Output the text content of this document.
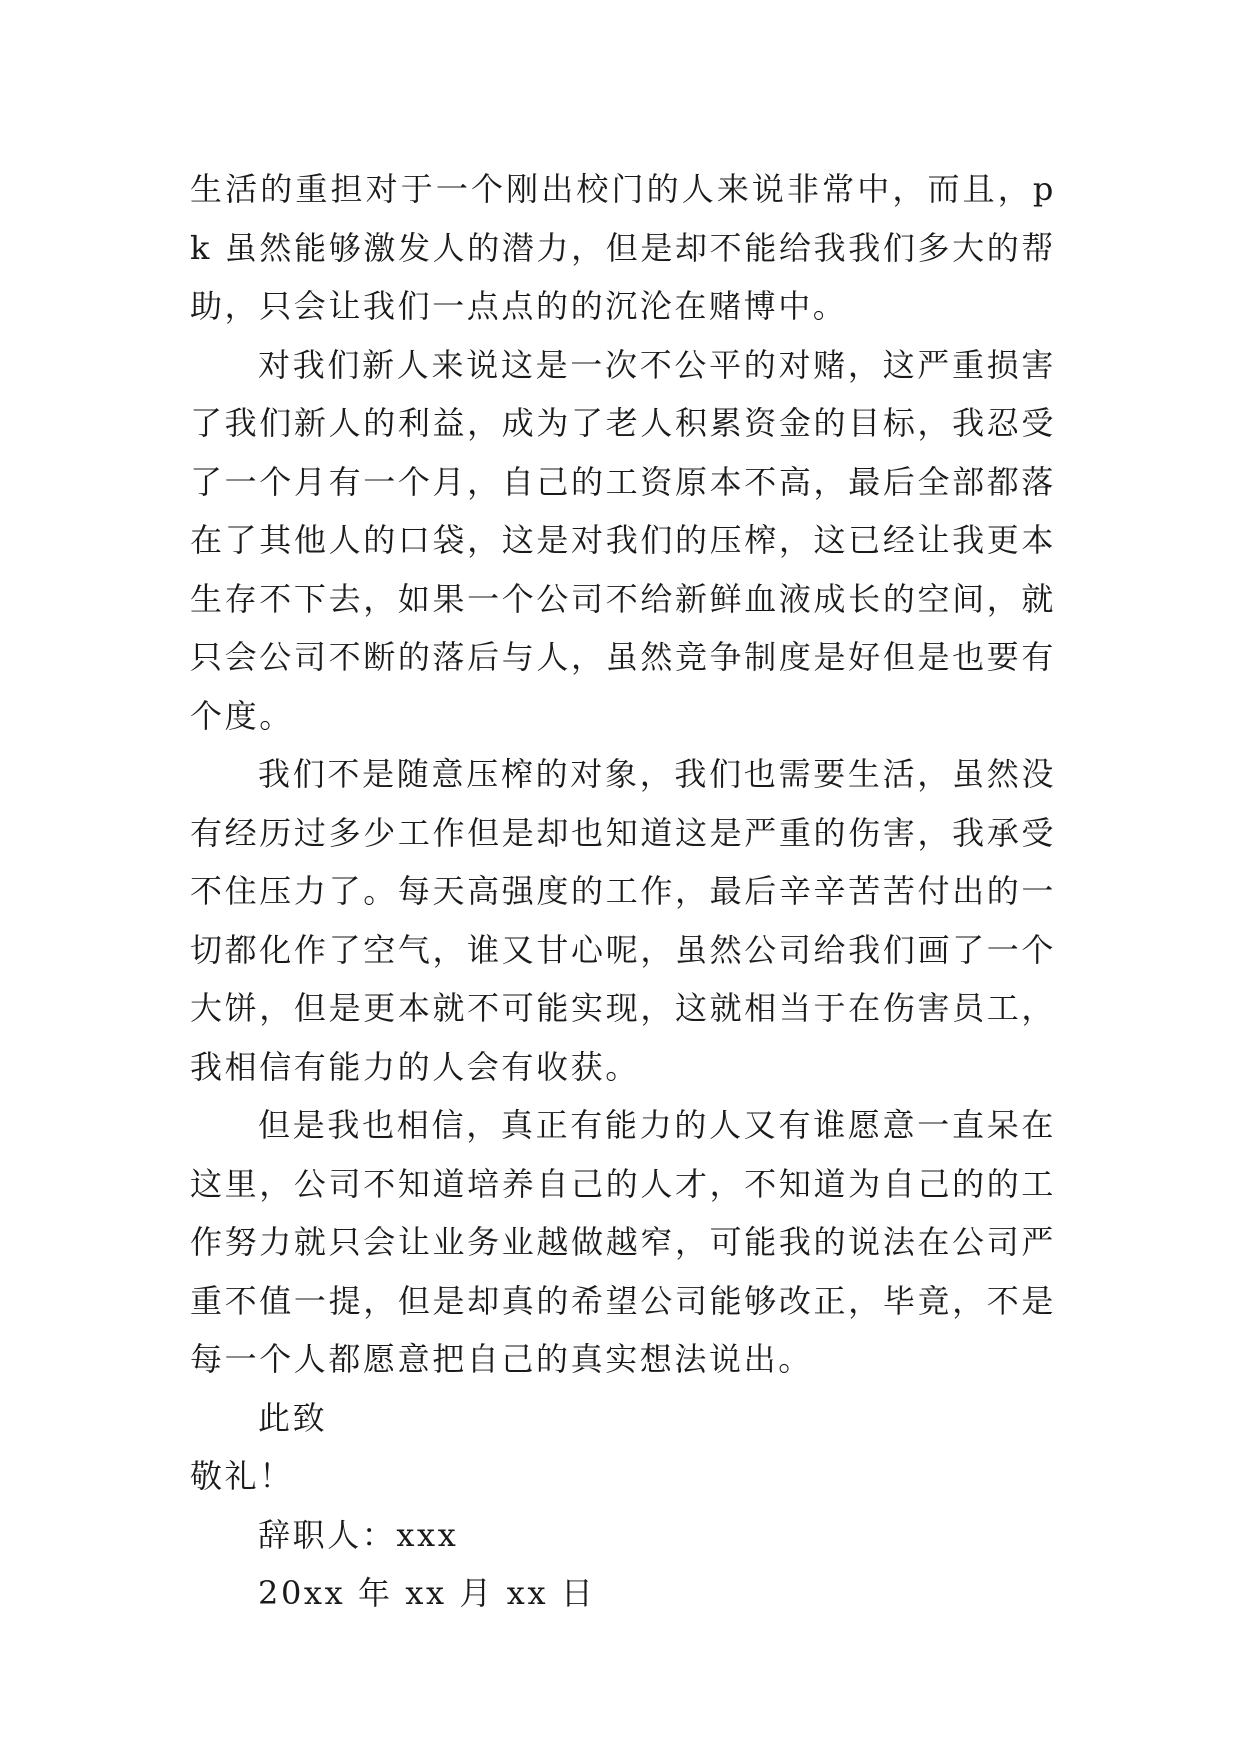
生活的重担对于一个刚出校门的人来说非常中，而且，pk 虽然能够激发人的潜力，但是却不能给我我们多大的帮助，只会让我们一点点的的沉沦在赌博中。

对我们新人来说这是一次不公平的对赌，这严重损害了我们新人的利益，成为了老人积累资金的目标，我忍受了一个月有一个月，自己的工资原本不高，最后全部都落在了其他人的口袋，这是对我们的压榨，这已经让我更本生存不下去，如果一个公司不给新鲜血液成长的空间，就只会公司不断的落后与人，虽然竞争制度是好但是也要有个度。

我们不是随意压榨的对象，我们也需要生活，虽然没有经历过多少工作但是却也知道这是严重的伤害，我承受不住压力了。每天高强度的工作，最后辛辛苦苦付出的一切都化作了空气，谁又甘心呢，虽然公司给我们画了一个大饼，但是更本就不可能实现，这就相当于在伤害员工，我相信有能力的人会有收获。

但是我也相信，真正有能力的人又有谁愿意一直呆在这里，公司不知道培养自己的人才，不知道为自己的的工作努力就只会让业务业越做越窄，可能我的说法在公司严重不值一提，但是却真的希望公司能够改正，毕竟，不是每一个人都愿意把自己的真实想法说出。

此致

敬礼！

辞职人：xxx

20xx 年 xx 月 xx 日
